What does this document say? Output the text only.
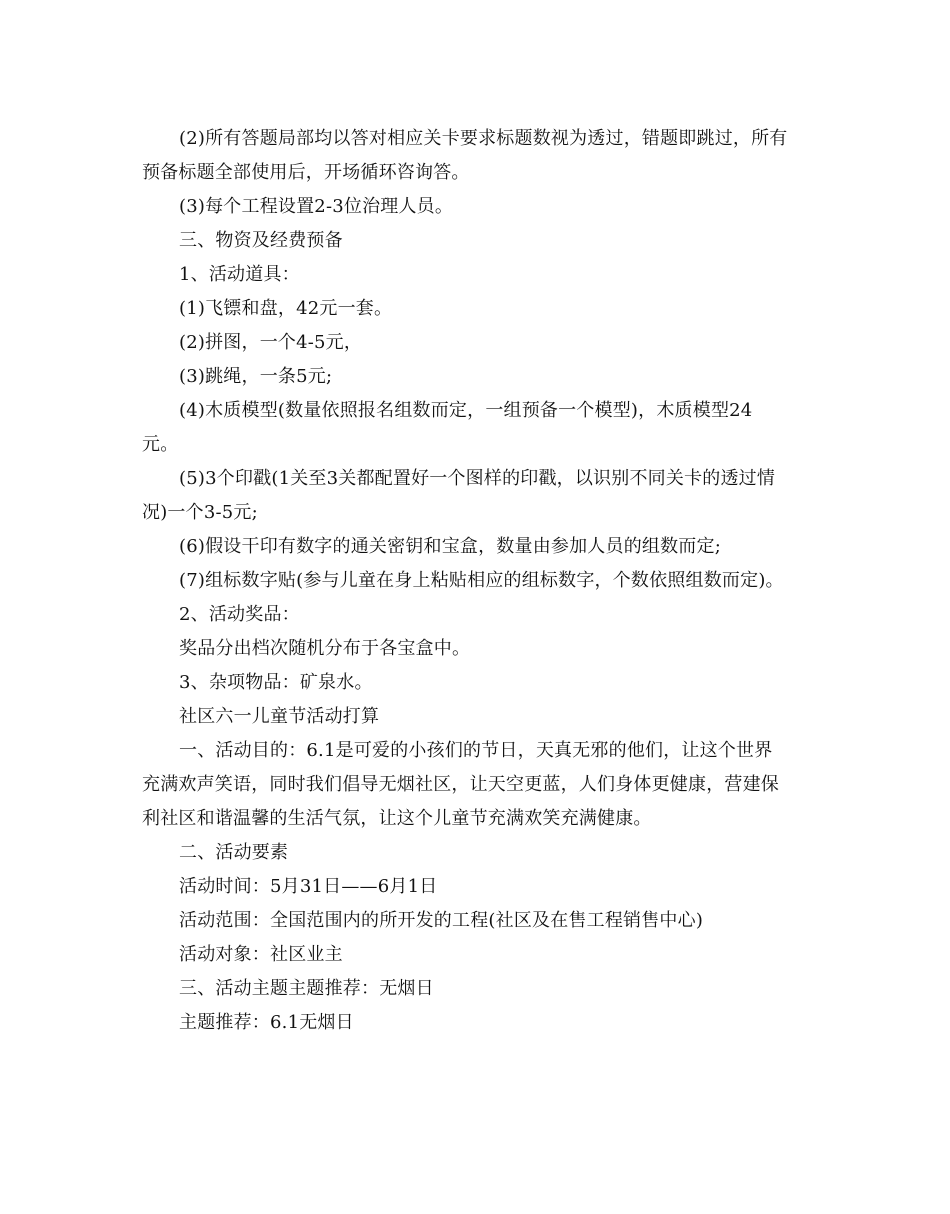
(2)所有答题局部均以答对相应关卡要求标题数视为透过，错题即跳过，所有
预备标题全部使用后，开场循环咨询答。
(3)每个工程设置2-3位治理人员。
三、物资及经费预备
1、活动道具：
(1)飞镖和盘，42元一套。
(2)拼图，一个4-5元，
(3)跳绳，一条5元;
(4)木质模型(数量依照报名组数而定，一组预备一个模型)，木质模型24
元。
(5)3个印戳(1关至3关都配置好一个图样的印戳，以识别不同关卡的透过情
况)一个3-5元;
(6)假设干印有数字的通关密钥和宝盒，数量由参加人员的组数而定;
(7)组标数字贴(参与儿童在身上粘贴相应的组标数字，个数依照组数而定)。
2、活动奖品：
奖品分出档次随机分布于各宝盒中。
3、杂项物品：矿泉水。
社区六一儿童节活动打算
一、活动目的：6.1是可爱的小孩们的节日，天真无邪的他们，让这个世界
充满欢声笑语，同时我们倡导无烟社区，让天空更蓝，人们身体更健康，营建保
利社区和谐温馨的生活气氛，让这个儿童节充满欢笑充满健康。
二、活动要素
活动时间：5月31日——6月1日
活动范围：全国范围内的所开发的工程(社区及在售工程销售中心)
活动对象：社区业主
三、活动主题主题推荐：无烟日
主题推荐：6.1无烟日
